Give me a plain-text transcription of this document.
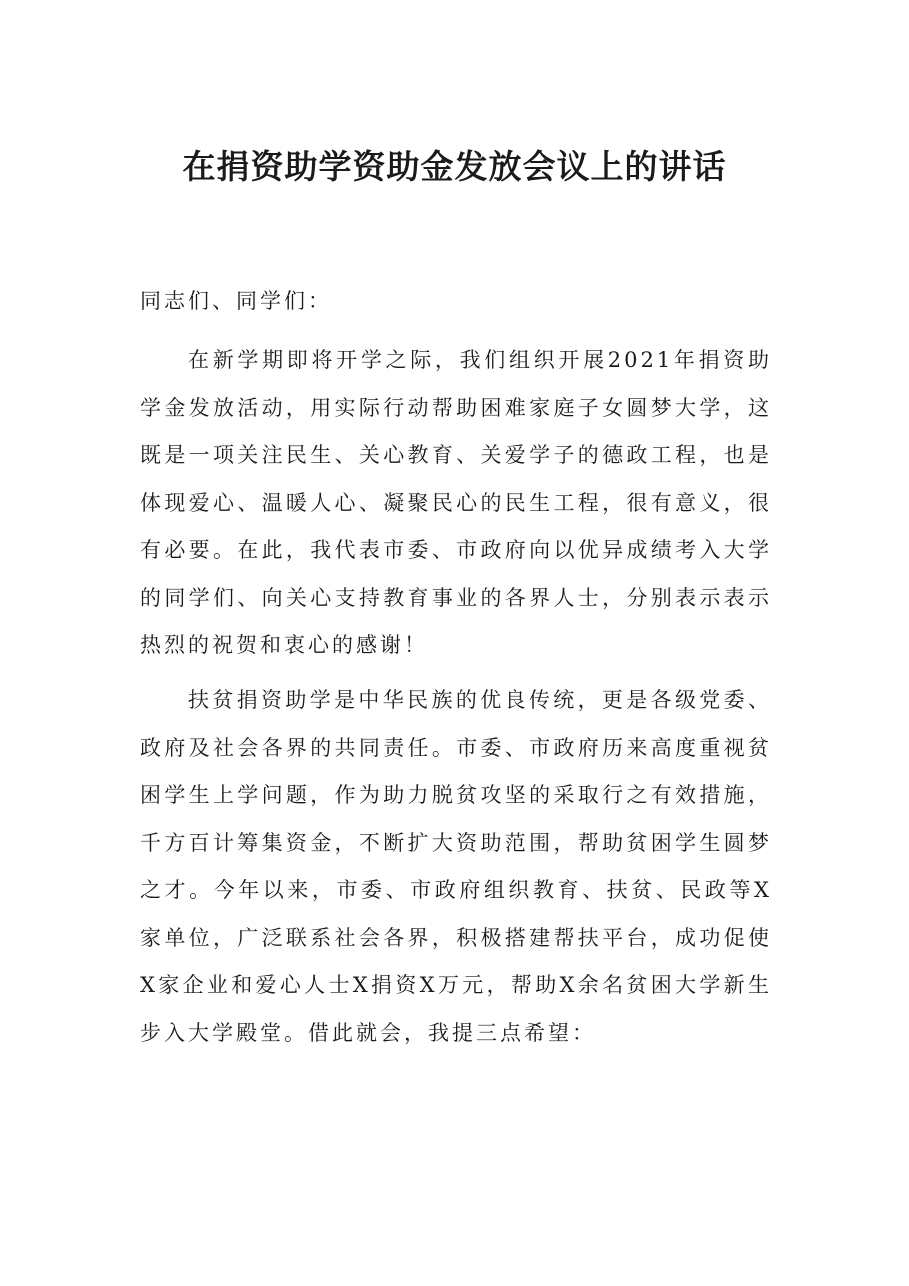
在捐资助学资助金发放会议上的讲话
同志们、同学们：

在新学期即将开学之际，我们组织开展2021年捐资助学金发放活动，用实际行动帮助困难家庭子女圆梦大学，这既是一项关注民生、关心教育、关爱学子的德政工程，也是体现爱心、温暖人心、凝聚民心的民生工程，很有意义，很有必要。在此，我代表市委、市政府向以优异成绩考入大学的同学们、向关心支持教育事业的各界人士，分别表示表示热烈的祝贺和衷心的感谢！

扶贫捐资助学是中华民族的优良传统，更是各级党委、政府及社会各界的共同责任。市委、市政府历来高度重视贫困学生上学问题，作为助力脱贫攻坚的采取行之有效措施，千方百计筹集资金，不断扩大资助范围，帮助贫困学生圆梦之才。今年以来，市委、市政府组织教育、扶贫、民政等X家单位，广泛联系社会各界，积极搭建帮扶平台，成功促使X家企业和爱心人士X捐资X万元，帮助X余名贫困大学新生步入大学殿堂。借此就会，我提三点希望：
